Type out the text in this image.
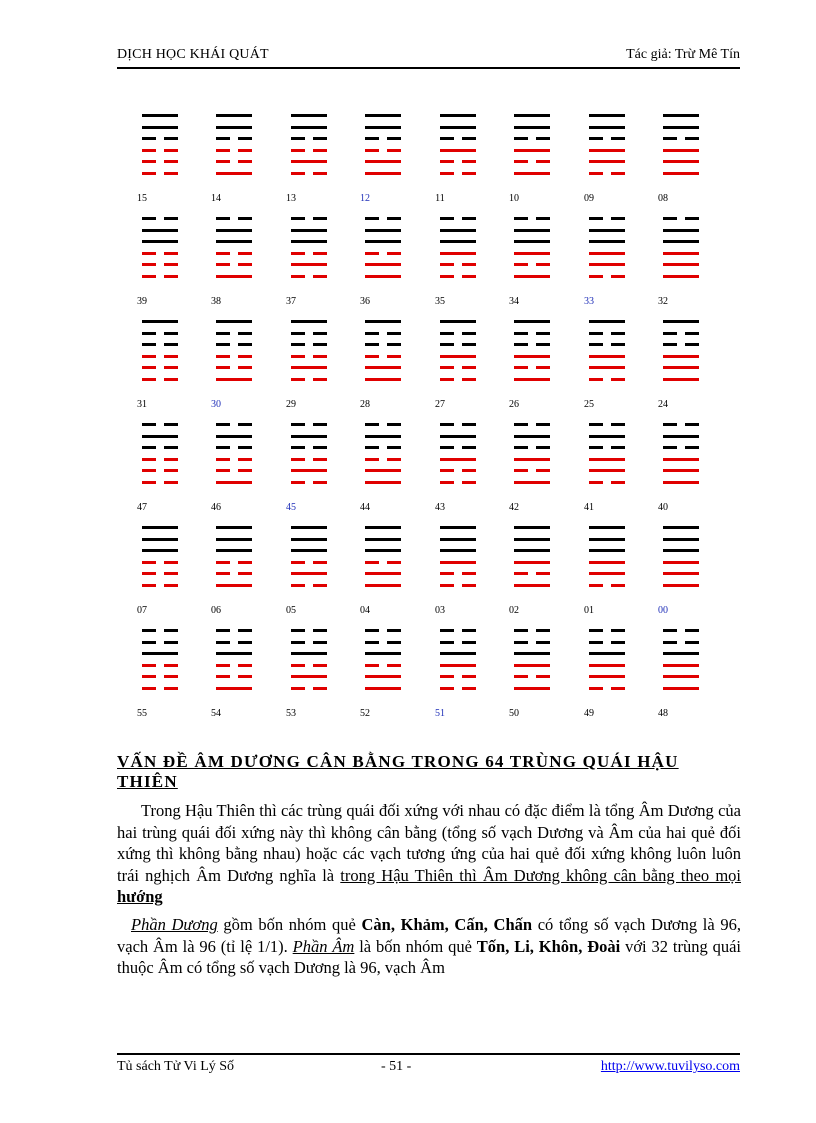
DỊCH HỌC KHÁI QUÁT	Tác giả: Trừ Mê Tín
15	14	13	12	11	10	09	08
39	38	37	36	35	34	33	32
31	30	29	28	27	26	25	24
47	46	45	44	43	42	41	40
07	06	05	04	03	02	01	00
55	54	53	52	51	50	49	48
VẤN ĐỀ ÂM DƯƠNG CÂN BẰNG TRONG 64 TRÙNG QUÁI HẬU THIÊN
Trong Hậu Thiên thì các trùng quái đối xứng với nhau có đặc điểm là tổng Âm Dương của hai trùng quái đối xứng này thì không cân bằng (tổng số vạch Dương và Âm của hai quẻ đối xứng thì không bằng nhau) hoặc các vạch tương ứng của hai quẻ đối xứng không luôn luôn trái nghịch Âm Dương nghĩa là trong Hậu Thiên thì Âm Dương không cân bằng theo mọi hướng
Phần Dương gồm bốn nhóm quẻ Càn, Khảm, Cấn, Chấn có tổng số vạch Dương là 96, vạch Âm là 96 (tỉ lệ 1/1). Phần Âm là bốn nhóm quẻ Tốn, Li, Khôn, Đoài với 32 trùng quái thuộc Âm có tổng số vạch Dương là 96, vạch Âm
Tủ sách Tử Vi Lý Số	- 51 -	http://www.tuvilyso.com
